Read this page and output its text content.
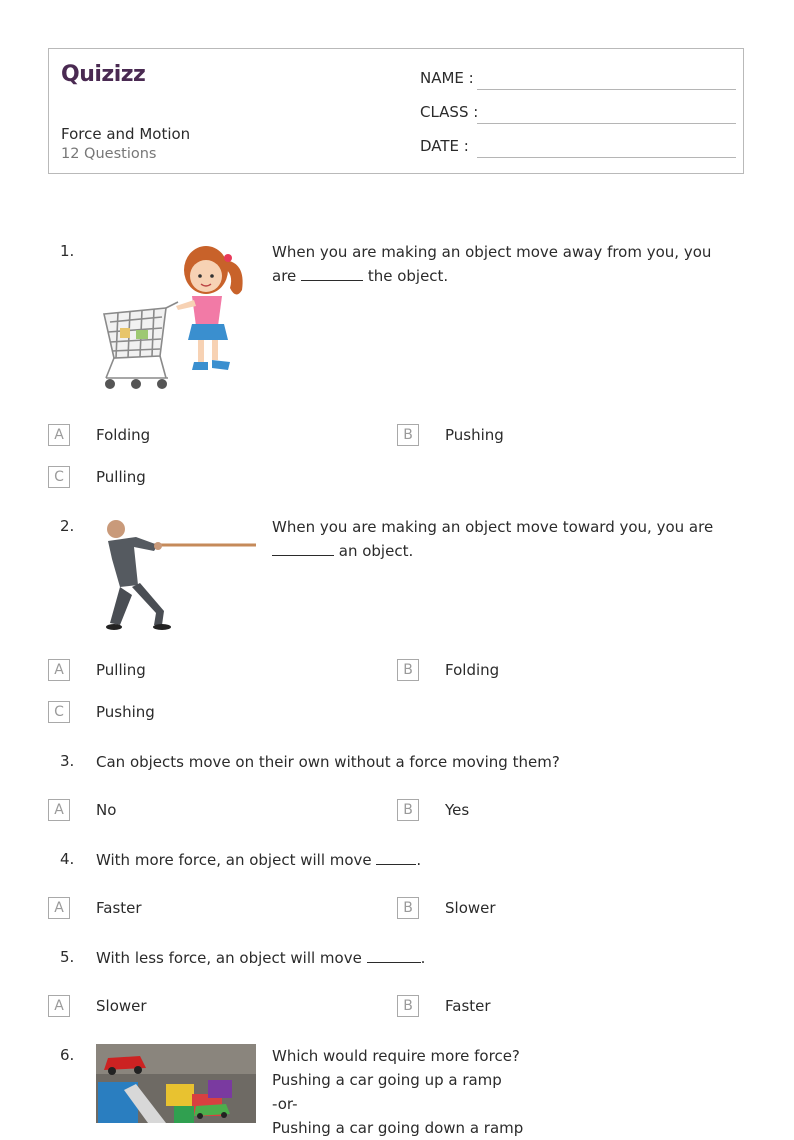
Quizizz
Force and Motion
12 Questions
NAME :
CLASS :
DATE :
1.	When you are making an object move away from you, you are	the object.
A	Folding	B	Pushing
C	Pulling
2.	When you are making an object move toward you, you are  an object.
A	Pulling	B	Folding
C	Pushing
3. Can objects move on their own without a force moving them?
A	No	B	Yes
4. With more force, an object will move	.
A	Faster	B	Slower
5. With less force, an object will move	.
A	Slower	B	Faster
6.	Which would require more force?
Pushing a car going up a ramp
-or-
Pushing a car going down a ramp
